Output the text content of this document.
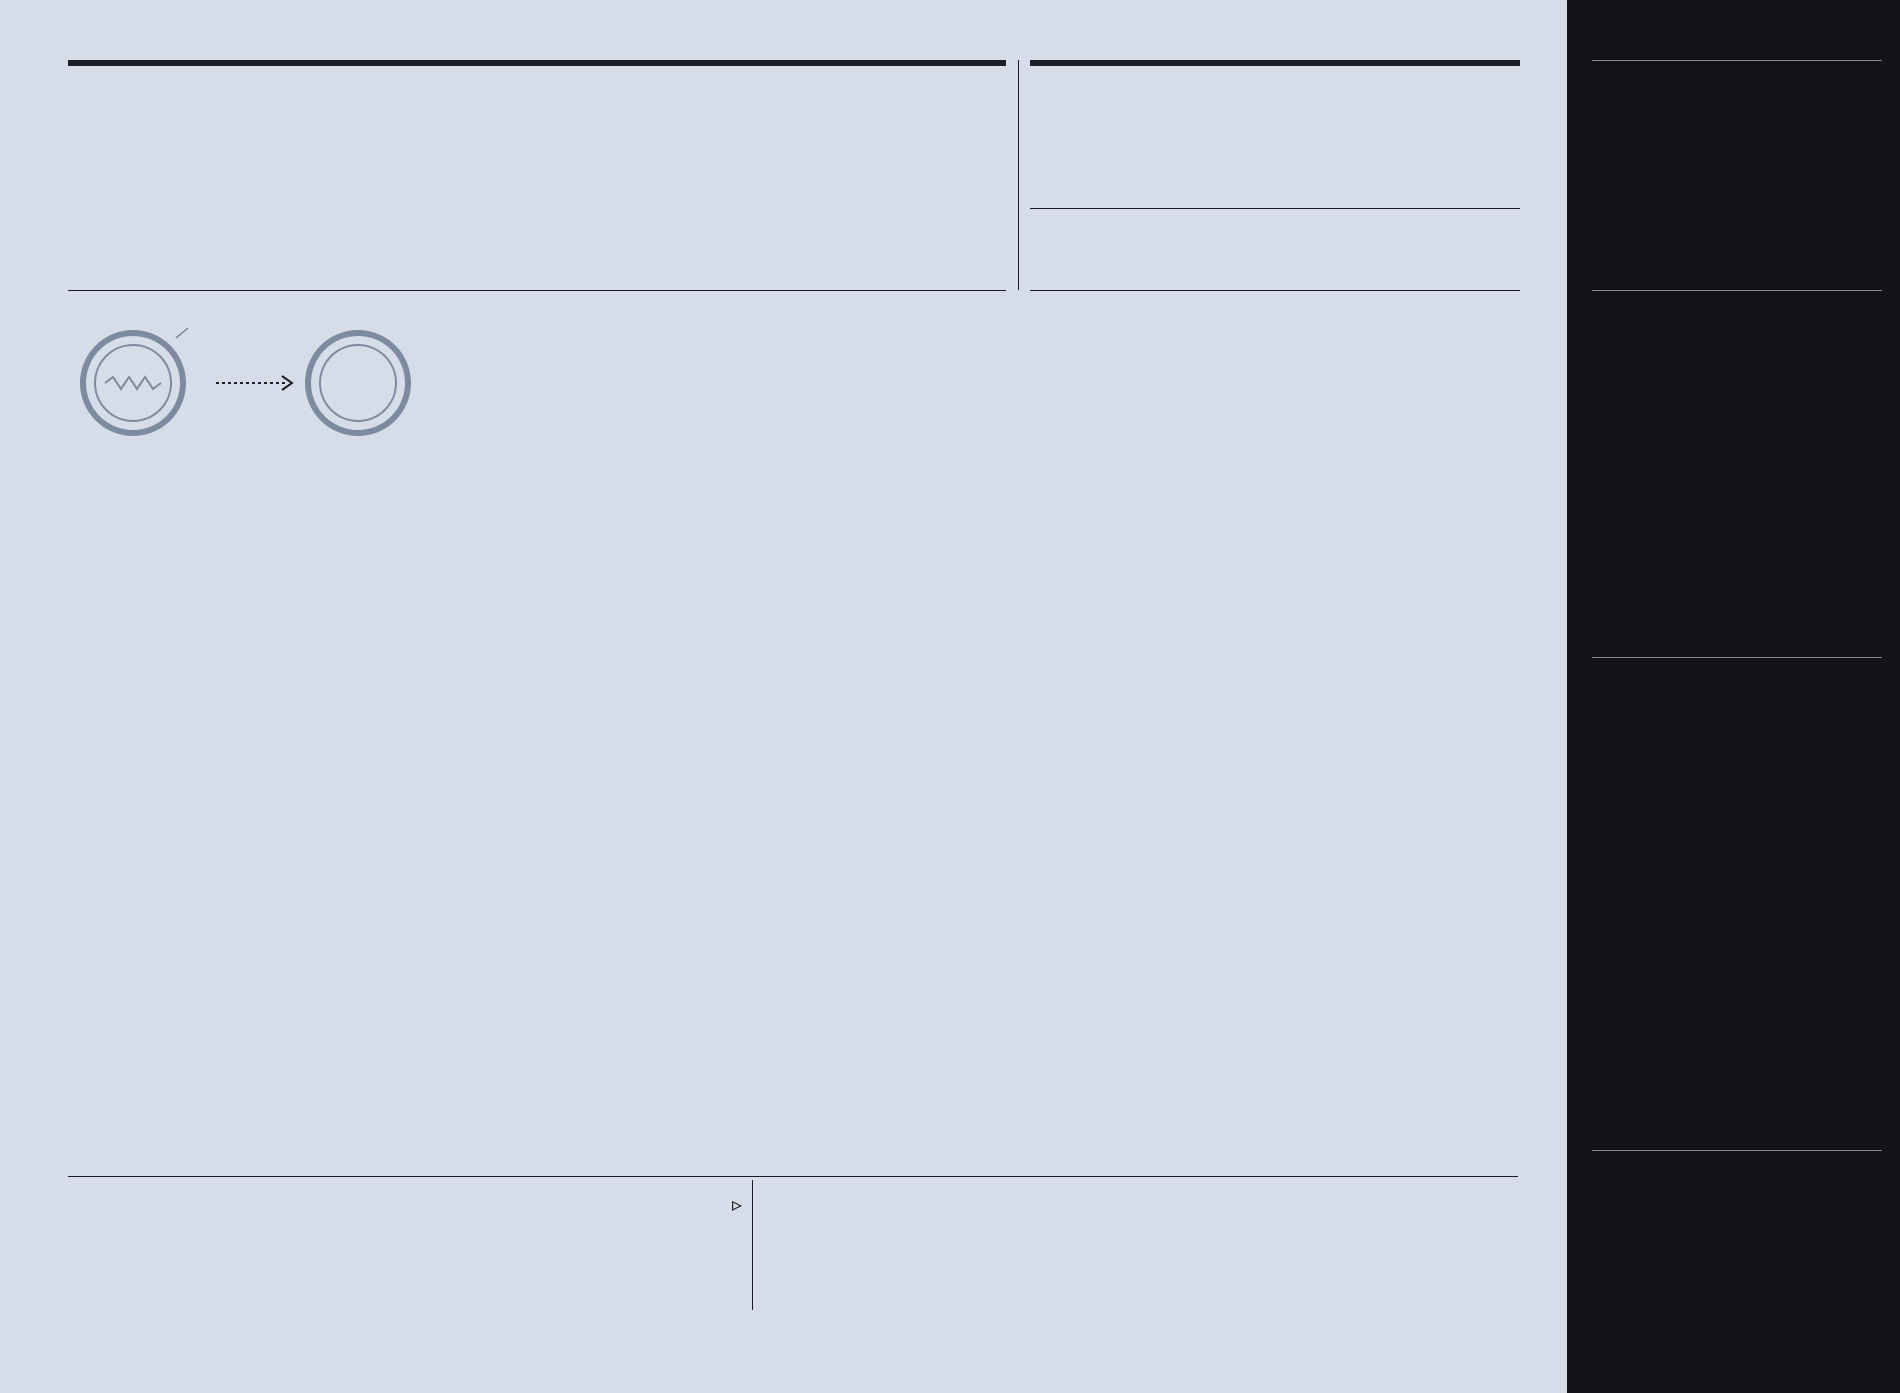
▷
